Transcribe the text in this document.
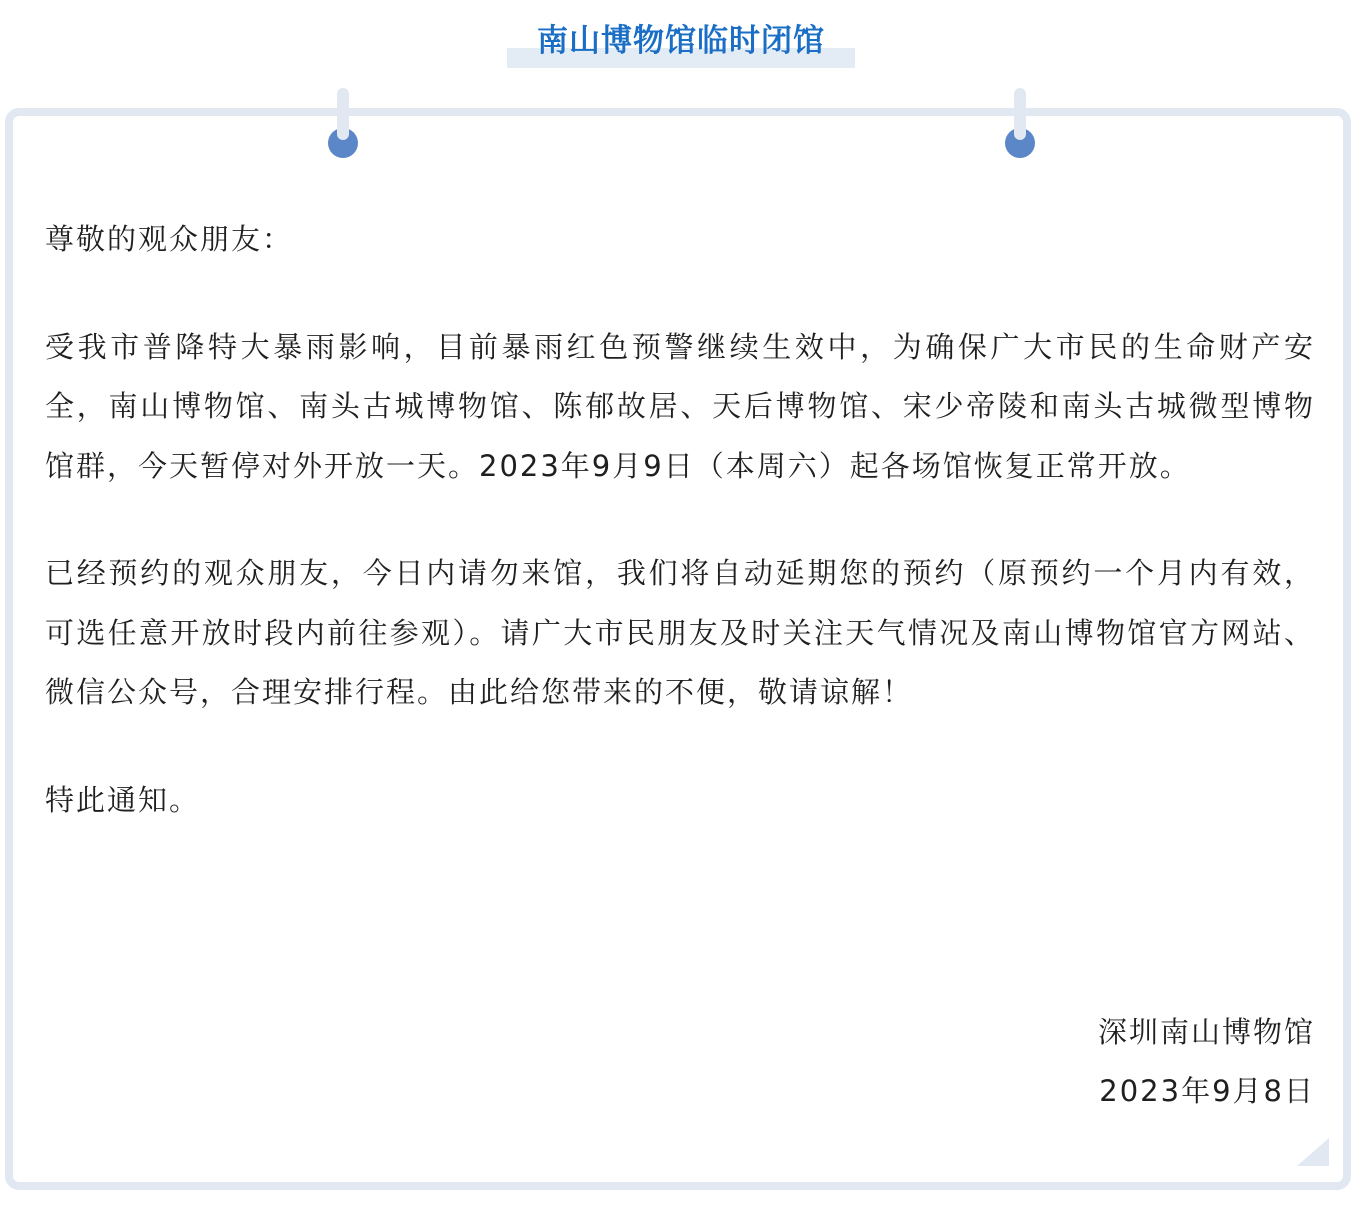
南山博物馆临时闭馆

尊敬的观众朋友：

受我市普降特大暴雨影响，目前暴雨红色预警继续生效中，为确保广大市民的生命财产安全，南山博物馆、南头古城博物馆、陈郁故居、天后博物馆、宋少帝陵和南头古城微型博物馆群，今天暂停对外开放一天。2023年9月9日（本周六）起各场馆恢复正常开放。

已经预约的观众朋友，今日内请勿来馆，我们将自动延期您的预约（原预约一个月内有效，可选任意开放时段内前往参观）。请广大市民朋友及时关注天气情况及南山博物馆官方网站、微信公众号，合理安排行程。由此给您带来的不便，敬请谅解！

特此通知。

深圳南山博物馆
2023年9月8日
